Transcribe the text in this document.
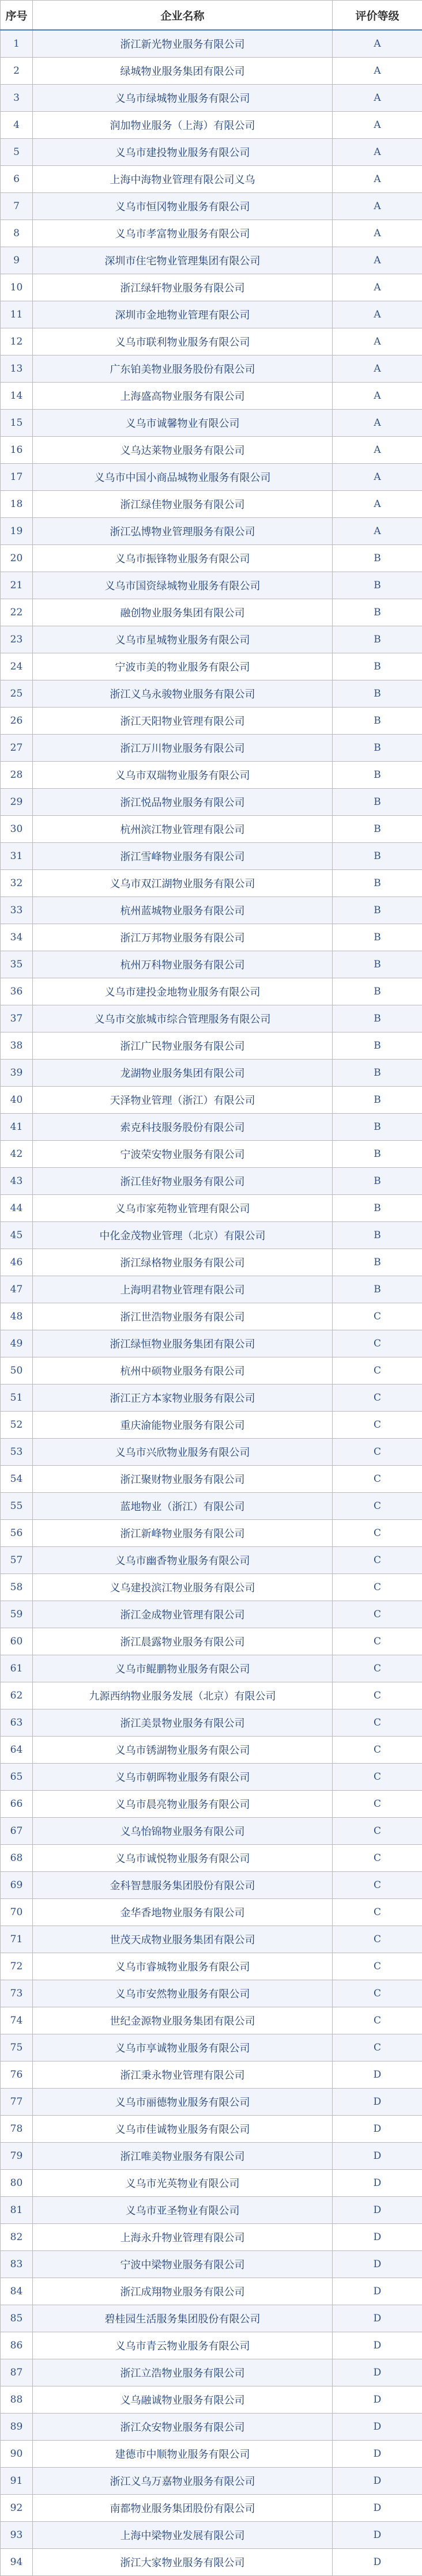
序号	企业名称	评价等级
1	浙江新光物业服务有限公司	A
2	绿城物业服务集团有限公司	A
3	义乌市绿城物业服务有限公司	A
4	润加物业服务（上海）有限公司	A
5	义乌市建投物业服务有限公司	A
6	上海中海物业管理有限公司义乌	A
7	义乌市恒冈物业服务有限公司	A
8	义乌市孝富物业服务有限公司	A
9	深圳市住宅物业管理集团有限公司	A
10	浙江绿轩物业服务有限公司	A
11	深圳市金地物业管理有限公司	A
12	义乌市联利物业服务有限公司	A
13	广东铂美物业服务股份有限公司	A
14	上海盛高物业服务有限公司	A
15	义乌市诚馨物业有限公司	A
16	义乌达莱物业服务有限公司	A
17	义乌市中国小商品城物业服务有限公司	A
18	浙江绿佳物业服务有限公司	A
19	浙江弘博物业管理服务有限公司	A
20	义乌市振锋物业服务有限公司	B
21	义乌市国资绿城物业服务有限公司	B
22	融创物业服务集团有限公司	B
23	义乌市星城物业服务有限公司	B
24	宁波市美的物业服务有限公司	B
25	浙江义乌永骏物业服务有限公司	B
26	浙江天阳物业管理有限公司	B
27	浙江万川物业服务有限公司	B
28	义乌市双瑞物业服务有限公司	B
29	浙江悦品物业服务有限公司	B
30	杭州滨江物业管理有限公司	B
31	浙江雪峰物业服务有限公司	B
32	义乌市双江湖物业服务有限公司	B
33	杭州蓝城物业服务有限公司	B
34	浙江万邦物业服务有限公司	B
35	杭州万科物业服务有限公司	B
36	义乌市建投金地物业服务有限公司	B
37	义乌市交旅城市综合管理服务有限公司	B
38	浙江广民物业服务有限公司	B
39	龙湖物业服务集团有限公司	B
40	天泽物业管理（浙江）有限公司	B
41	索克科技服务股份有限公司	B
42	宁波荣安物业服务有限公司	B
43	浙江佳好物业服务有限公司	B
44	义乌市家苑物业管理有限公司	B
45	中化金茂物业管理（北京）有限公司	B
46	浙江绿格物业服务有限公司	B
47	上海明君物业管理有限公司	B
48	浙江世浩物业服务有限公司	C
49	浙江绿恒物业服务集团有限公司	C
50	杭州中硕物业服务有限公司	C
51	浙江正方本家物业服务有限公司	C
52	重庆渝能物业服务有限公司	C
53	义乌市兴欣物业服务有限公司	C
54	浙江聚财物业服务有限公司	C
55	蓝地物业（浙江）有限公司	C
56	浙江新峰物业服务有限公司	C
57	义乌市幽香物业服务有限公司	C
58	义乌建投滨江物业服务有限公司	C
59	浙江金成物业管理有限公司	C
60	浙江晨露物业服务有限公司	C
61	义乌市鲲鹏物业服务有限公司	C
62	九源西纳物业服务发展（北京）有限公司	C
63	浙江美景物业服务有限公司	C
64	义乌市锈湖物业服务有限公司	C
65	义乌市朝晖物业服务有限公司	C
66	义乌市晨亮物业服务有限公司	C
67	义乌怡锦物业服务有限公司	C
68	义乌市诚悦物业服务有限公司	C
69	金科智慧服务集团股份有限公司	C
70	金华香地物业服务有限公司	C
71	世茂天成物业服务集团有限公司	C
72	义乌市睿城物业服务有限公司	C
73	义乌市安然物业服务有限公司	C
74	世纪金源物业服务集团有限公司	C
75	义乌市享诚物业服务有限公司	C
76	浙江秉永物业管理有限公司	D
77	义乌市丽德物业服务有限公司	D
78	义乌市佳诚物业服务有限公司	D
79	浙江唯美物业服务有限公司	D
80	义乌市光英物业有限公司	D
81	义乌市亚圣物业有限公司	D
82	上海永升物业管理有限公司	D
83	宁波中梁物业服务有限公司	D
84	浙江成翔物业服务有限公司	D
85	碧桂园生活服务集团股份有限公司	D
86	义乌市青云物业服务有限公司	D
87	浙江立浩物业服务有限公司	D
88	义乌融诚物业服务有限公司	D
89	浙江众安物业服务有限公司	D
90	建德市中顺物业服务有限公司	D
91	浙江义乌万嘉物业服务有限公司	D
92	南都物业服务集团股份有限公司	D
93	上海中梁物业发展有限公司	D
94	浙江大家物业服务有限公司	D
